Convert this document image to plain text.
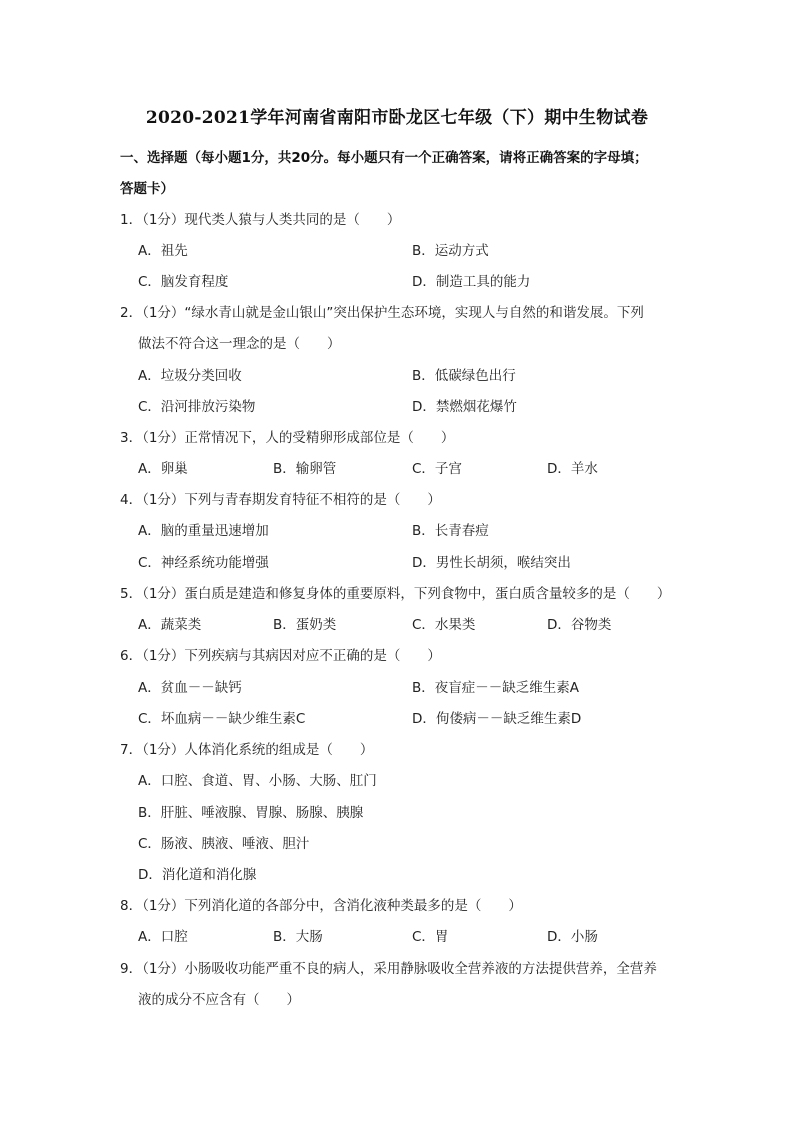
2020-2021学年河南省南阳市卧龙区七年级（下）期中生物试卷
一、选择题（每小题1分，共20分。每小题只有一个正确答案，请将正确答案的字母填；
答题卡）
1．（1分）现代类人猿与人类共同的是（　　）
A．祖先	B．运动方式
C．脑发育程度	D．制造工具的能力
2．（1分）“绿水青山就是金山银山”突出保护生态环境，实现人与自然的和谐发展。下列
做法不符合这一理念的是（　　）
A．垃圾分类回收	B．低碳绿色出行
C．沿河排放污染物	D．禁燃烟花爆竹
3．（1分）正常情况下，人的受精卵形成部位是（　　）
A．卵巢	B．输卵管	C．子宫	D．羊水
4．（1分）下列与青春期发育特征不相符的是（　　）
A．脑的重量迅速增加	B．长青春痘
C．神经系统功能增强	D．男性长胡须，喉结突出
5．（1分）蛋白质是建造和修复身体的重要原料，下列食物中，蛋白质含量较多的是（　　）
A．蔬菜类	B．蛋奶类	C．水果类	D．谷物类
6．（1分）下列疾病与其病因对应不正确的是（　　）
A．贫血－－缺钙	B．夜盲症－－缺乏维生素A
C．坏血病－－缺少维生素C	D．佝偻病－－缺乏维生素D
7．（1分）人体消化系统的组成是（　　）
A．口腔、食道、胃、小肠、大肠、肛门
B．肝脏、唾液腺、胃腺、肠腺、胰腺
C．肠液、胰液、唾液、胆汁
D．消化道和消化腺
8．（1分）下列消化道的各部分中，含消化液种类最多的是（　　）
A．口腔	B．大肠	C．胃	D．小肠
9．（1分）小肠吸收功能严重不良的病人，采用静脉吸收全营养液的方法提供营养，全营养
液的成分不应含有（　　）
